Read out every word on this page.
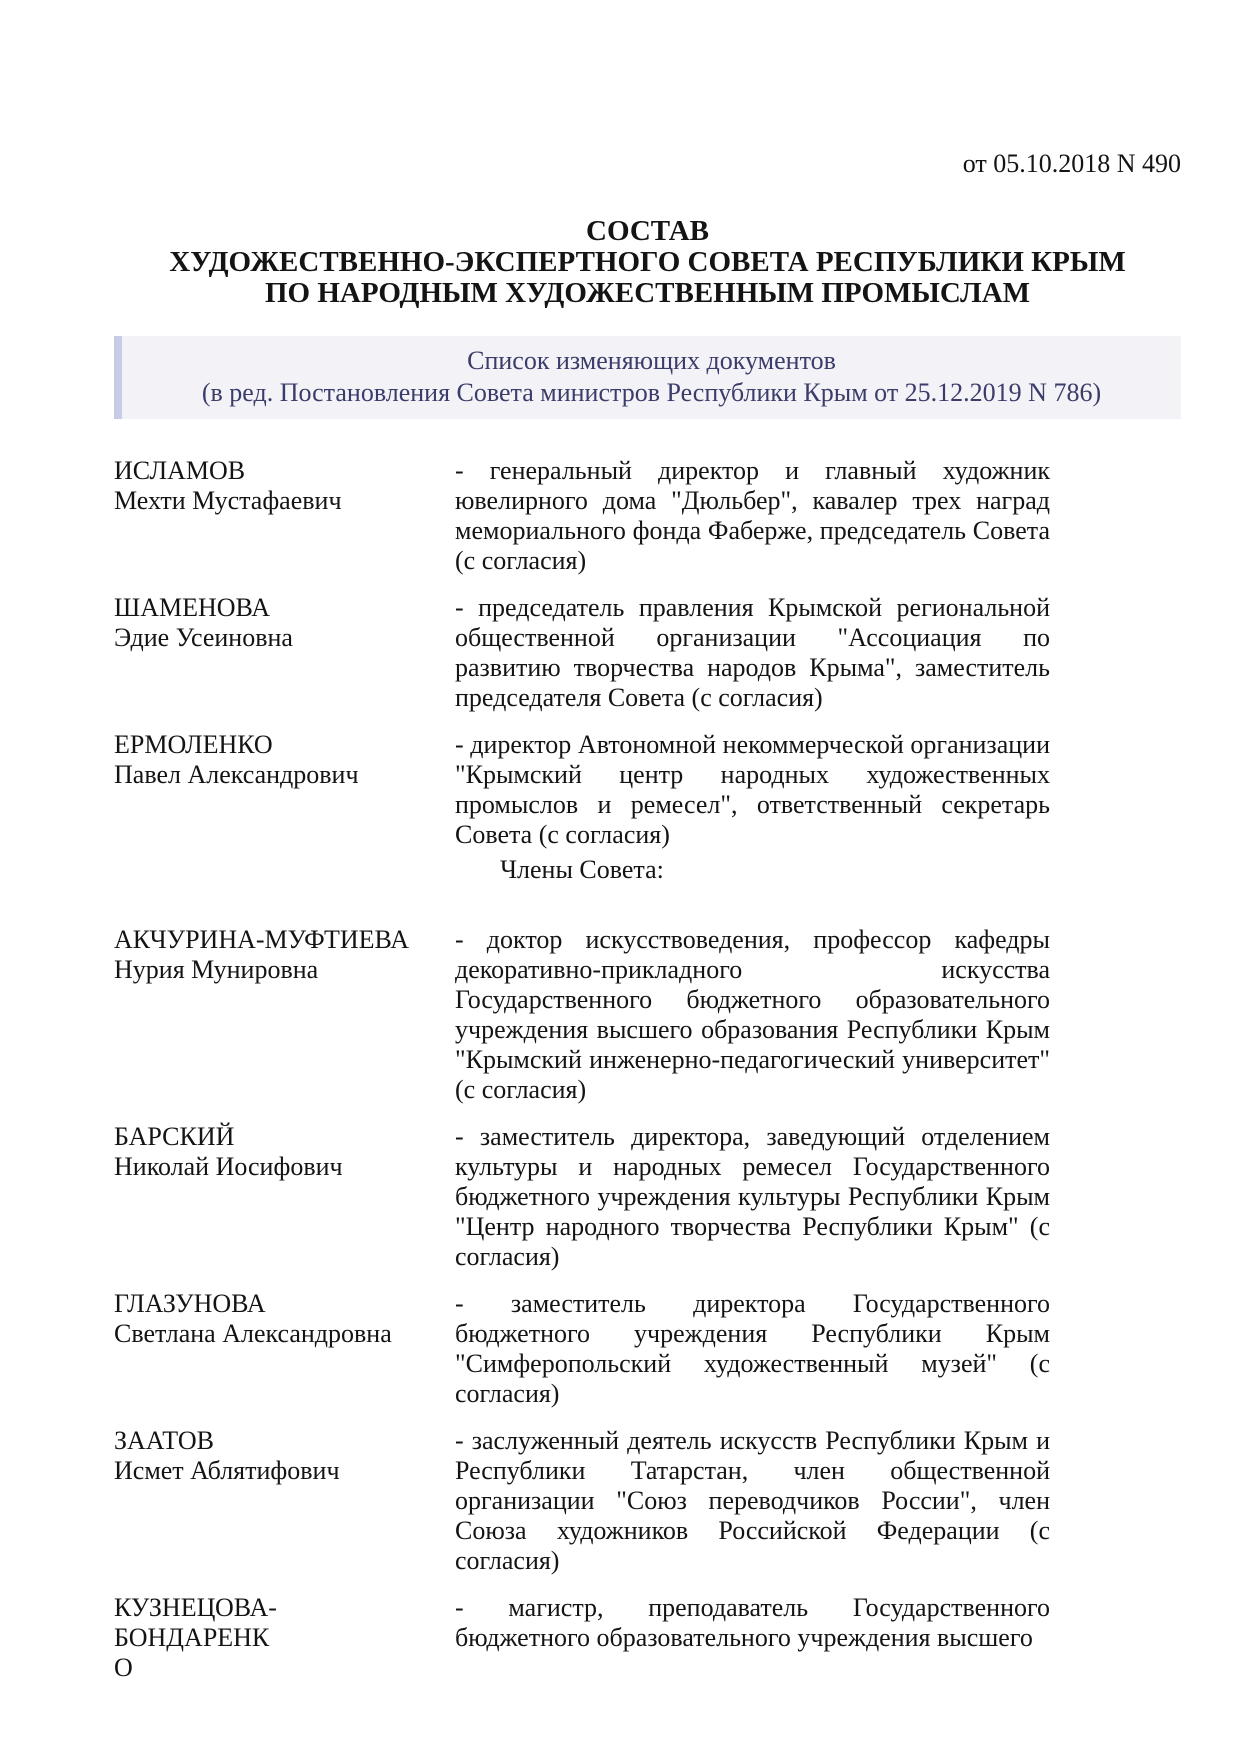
от 05.10.2018 N 490
СОСТАВ
ХУДОЖЕСТВЕННО-ЭКСПЕРТНОГО СОВЕТА РЕСПУБЛИКИ КРЫМ
ПО НАРОДНЫМ ХУДОЖЕСТВЕННЫМ ПРОМЫСЛАМ
Список изменяющих документов
(в ред. Постановления Совета министров Республики Крым от 25.12.2019 N 786)
ИСЛАМОВ
Мехти Мустафаевич
- генеральный директор и главный художник ювелирного дома "Дюльбер", кавалер трех наград мемориального фонда Фаберже, председатель Совета (с согласия)
ШАМЕНОВА
Эдие Усеиновна
- председатель правления Крымской региональной общественной организации "Ассоциация по развитию творчества народов Крыма", заместитель председателя Совета (с согласия)
ЕРМОЛЕНКО
Павел Александрович
- директор Автономной некоммерческой организации "Крымский центр народных художественных промыслов и ремесел", ответственный секретарь Совета (с согласия)
Члены Совета:
АКЧУРИНА-МУФТИЕВА
Нурия Мунировна
- доктор искусствоведения, профессор кафедры декоративно-прикладного искусства Государственного бюджетного образовательного учреждения высшего образования Республики Крым "Крымский инженерно-педагогический университет" (с согласия)
БАРСКИЙ
Николай Иосифович
- заместитель директора, заведующий отделением культуры и народных ремесел Государственного бюджетного учреждения культуры Республики Крым "Центр народного творчества Республики Крым" (с согласия)
ГЛАЗУНОВА
Светлана Александровна
- заместитель директора Государственного бюджетного учреждения Республики Крым "Симферопольский художественный музей" (с согласия)
ЗААТОВ
Исмет Аблятифович
- заслуженный деятель искусств Республики Крым и Республики Татарстан, член общественной организации "Союз переводчиков России", член Союза художников Российской Федерации (с согласия)
КУЗНЕЦОВА-БОНДАРЕНК
О
- магистр, преподаватель Государственного бюджетного образовательного учреждения высшего
